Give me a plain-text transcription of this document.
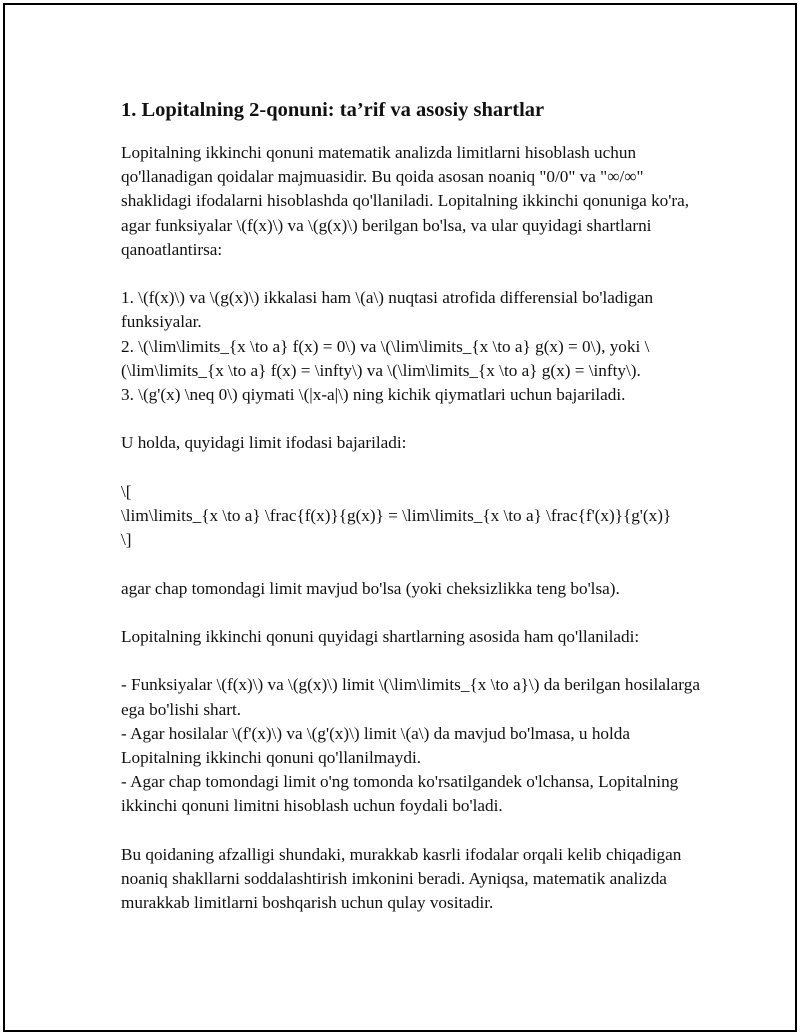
1. Lopitalning 2-qonuni: ta’rif va asosiy shartlar
Lopitalning ikkinchi qonuni matematik analizda limitlarni hisoblash uchun qo'llanadigan qoidalar majmuasidir. Bu qoida asosan noaniq "0/0" va "∞/∞" shaklidagi ifodalarni hisoblashda qo'llaniladi. Lopitalning ikkinchi qonuniga ko'ra, agar funksiyalar \(f(x)\) va \(g(x)\) berilgan bo'lsa, va ular quyidagi shartlarni qanoatlantirsa:

1. \(f(x)\) va \(g(x)\) ikkalasi ham \(a\) nuqtasi atrofida differensial bo'ladigan funksiyalar.
2. \(\lim\limits_{x \to a} f(x) = 0\) va \(\lim\limits_{x \to a} g(x) = 0\), yoki \(\lim\limits_{x \to a} f(x) = \infty\) va \(\lim\limits_{x \to a} g(x) = \infty\).
3. \(g'(x) \neq 0\) qiymati \(|x-a|\) ning kichik qiymatlari uchun bajariladi.

U holda, quyidagi limit ifodasi bajariladi:

\[
\lim\limits_{x \to a} \frac{f(x)}{g(x)} = \lim\limits_{x \to a} \frac{f'(x)}{g'(x)}
\]

agar chap tomondagi limit mavjud bo'lsa (yoki cheksizlikka teng bo'lsa).

Lopitalning ikkinchi qonuni quyidagi shartlarning asosida ham qo'llaniladi:

- Funksiyalar \(f(x)\) va \(g(x)\) limit \(\lim\limits_{x \to a}\) da berilgan hosilalarga ega bo'lishi shart.
- Agar hosilalar \(f'(x)\) va \(g'(x)\) limit \(a\) da mavjud bo'lmasa, u holda Lopitalning ikkinchi qonuni qo'llanilmaydi.
- Agar chap tomondagi limit o'ng tomonda ko'rsatilgandek o'lchansa, Lopitalning ikkinchi qonuni limitni hisoblash uchun foydali bo'ladi.

Bu qoidaning afzalligi shundaki, murakkab kasrli ifodalar orqali kelib chiqadigan noaniq shakllarni soddalashtirish imkonini beradi. Ayniqsa, matematik analizda murakkab limitlarni boshqarish uchun qulay vositadir.
